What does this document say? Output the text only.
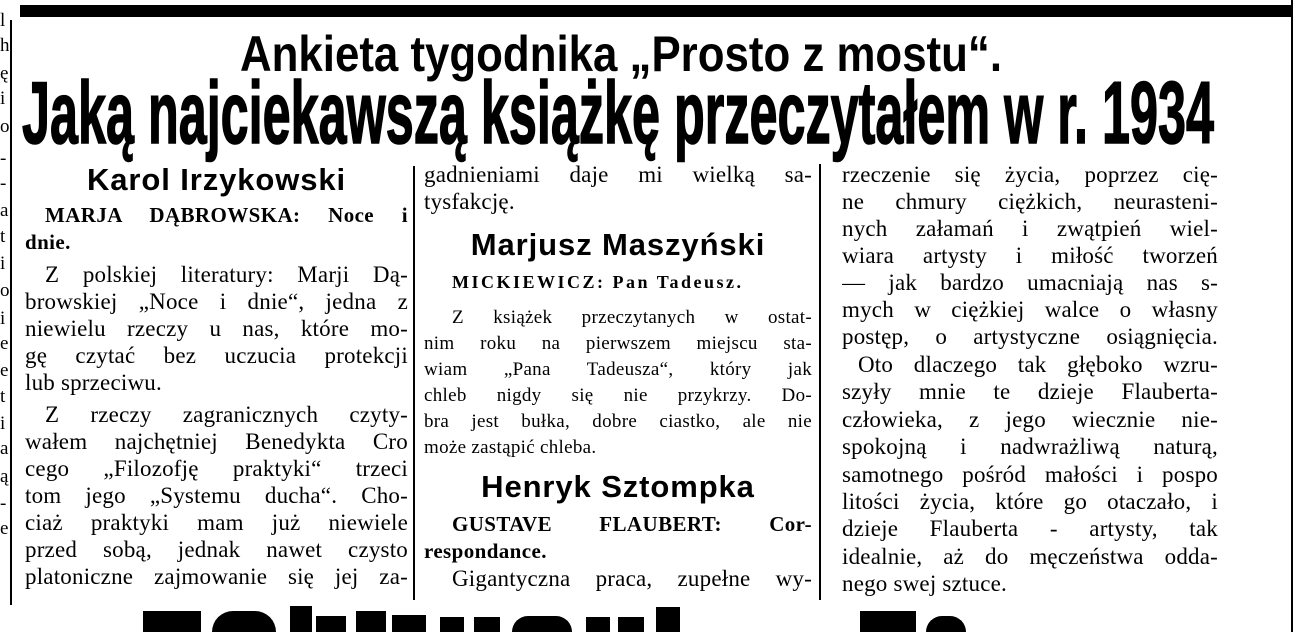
l
h
ę
i
o
-
-
a
t
i
o
i
e
e
t
i
a
ą
-
e
Ankieta tygodnika „Prosto z mostu“.
Jaką najciekawszą książkę przeczytałem w r. 1934
Karol Irzykowski
MARJA DĄBROWSKA: Noce i
dnie.
Z polskiej literatury: Marji Dą-
browskiej „Noce i dnie“, jedna z
niewielu rzeczy u nas, które mo-
gę czytać bez uczucia protekcji
lub sprzeciwu.
Z rzeczy zagranicznych czyty-
wałem najchętniej Benedykta Cro
cego „Filozofję praktyki“ trzeci
tom jego „Systemu ducha“. Cho-
ciaż praktyki mam już niewiele
przed sobą, jednak nawet czysto
platoniczne zajmowanie się jej za-
gadnieniami daje mi wielką sa-
tysfakcję.
Marjusz Maszyński
MICKIEWICZ: Pan Tadeusz.
Z książek przeczytanych w ostat-
nim roku na pierwszem miejscu sta-
wiam „Pana Tadeusza“, który jak
chleb nigdy się nie przykrzy. Do-
bra jest bułka, dobre ciastko, ale nie
może zastąpić chleba.
Henryk Sztompka
GUSTAVE FLAUBERT: Cor-
respondance.
Gigantyczna praca, zupełne wy-
rzeczenie się życia, poprzez cię-
ne chmury ciężkich, neurasteni-
nych załamań i zwątpień wiel-
wiara artysty i miłość tworzeń
— jak bardzo umacniają nas s-
mych w ciężkiej walce o własny
postęp, o artystyczne osiągnięcia.
Oto dlaczego tak głęboko wzru-
szyły mnie te dzieje Flauberta-
człowieka, z jego wiecznie nie-
spokojną i nadwrażliwą naturą,
samotnego pośród małości i pospo
litości życia, które go otaczało, i
dzieje Flauberta - artysty, tak
idealnie, aż do męczeństwa odda-
nego swej sztuce.
